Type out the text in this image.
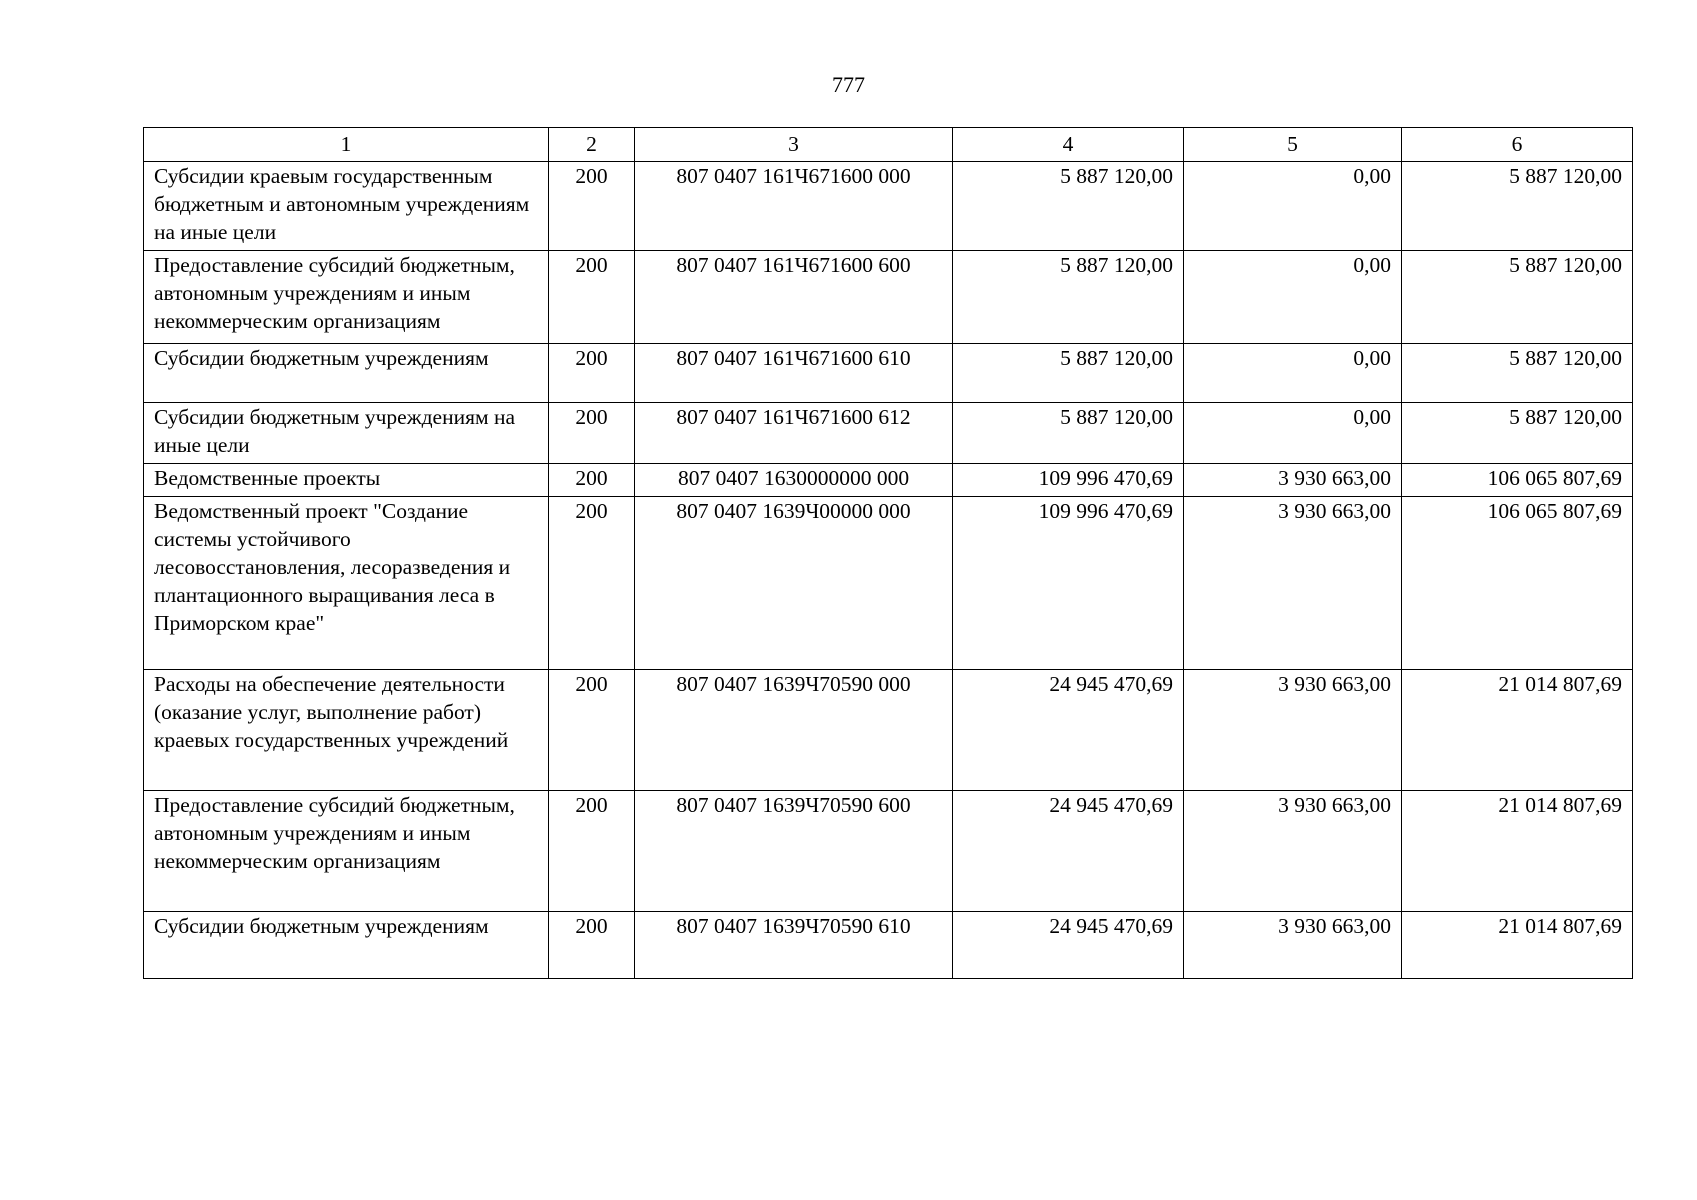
777
1	2	3	4	5	6
Субсидии краевым государственным бюджетным и автономным учреждениям на иные цели	200	807 0407 161Ч671600 000	5 887 120,00	0,00	5 887 120,00
Предоставление субсидий бюджетным, автономным учреждениям и иным некоммерческим организациям	200	807 0407 161Ч671600 600	5 887 120,00	0,00	5 887 120,00
Субсидии бюджетным учреждениям	200	807 0407 161Ч671600 610	5 887 120,00	0,00	5 887 120,00
Субсидии бюджетным учреждениям на иные цели	200	807 0407 161Ч671600 612	5 887 120,00	0,00	5 887 120,00
Ведомственные проекты	200	807 0407 1630000000 000	109 996 470,69	3 930 663,00	106 065 807,69
Ведомственный проект "Создание системы устойчивого лесовосстановления, лесоразведения и плантационного выращивания леса в Приморском крае"	200	807 0407 1639Ч00000 000	109 996 470,69	3 930 663,00	106 065 807,69
Расходы на обеспечение деятельности (оказание услуг, выполнение работ) краевых государственных учреждений	200	807 0407 1639Ч70590 000	24 945 470,69	3 930 663,00	21 014 807,69
Предоставление субсидий бюджетным, автономным учреждениям и иным некоммерческим организациям	200	807 0407 1639Ч70590 600	24 945 470,69	3 930 663,00	21 014 807,69
Субсидии бюджетным учреждениям	200	807 0407 1639Ч70590 610	24 945 470,69	3 930 663,00	21 014 807,69
